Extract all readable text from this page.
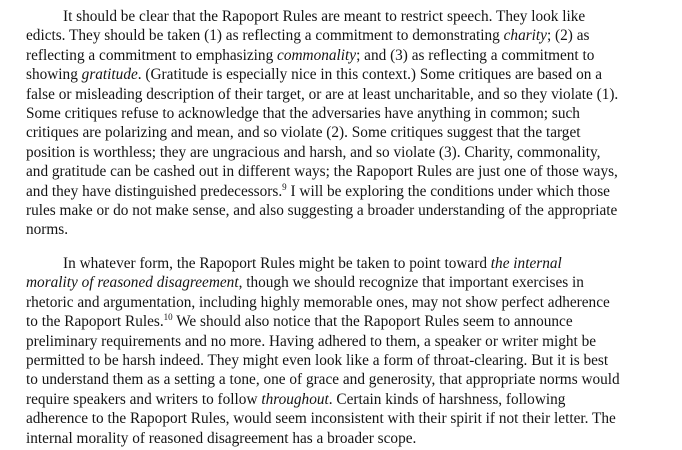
It should be clear that the Rapoport Rules are meant to restrict speech. They look like
edicts. They should be taken (1) as reflecting a commitment to demonstrating charity; (2) as
reflecting a commitment to emphasizing commonality; and (3) as reflecting a commitment to
showing gratitude. (Gratitude is especially nice in this context.) Some critiques are based on a
false or misleading description of their target, or are at least uncharitable, and so they violate (1).
Some critiques refuse to acknowledge that the adversaries have anything in common; such
critiques are polarizing and mean, and so violate (2). Some critiques suggest that the target
position is worthless; they are ungracious and harsh, and so violate (3). Charity, commonality,
and gratitude can be cashed out in different ways; the Rapoport Rules are just one of those ways,
and they have distinguished predecessors.$^9$ I will be exploring the conditions under which those
rules make or do not make sense, and also suggesting a broader understanding of the appropriate
norms.
In whatever form, the Rapoport Rules might be taken to point toward the internal
morality of reasoned disagreement, though we should recognize that important exercises in
rhetoric and argumentation, including highly memorable ones, may not show perfect adherence
to the Rapoport Rules.$^{10}$ We should also notice that the Rapoport Rules seem to announce
preliminary requirements and no more. Having adhered to them, a speaker or writer might be
permitted to be harsh indeed. They might even look like a form of throat-clearing. But it is best
to understand them as a setting a tone, one of grace and generosity, that appropriate norms would
require speakers and writers to follow throughout. Certain kinds of harshness, following
adherence to the Rapoport Rules, would seem inconsistent with their spirit if not their letter. The
internal morality of reasoned disagreement has a broader scope.
